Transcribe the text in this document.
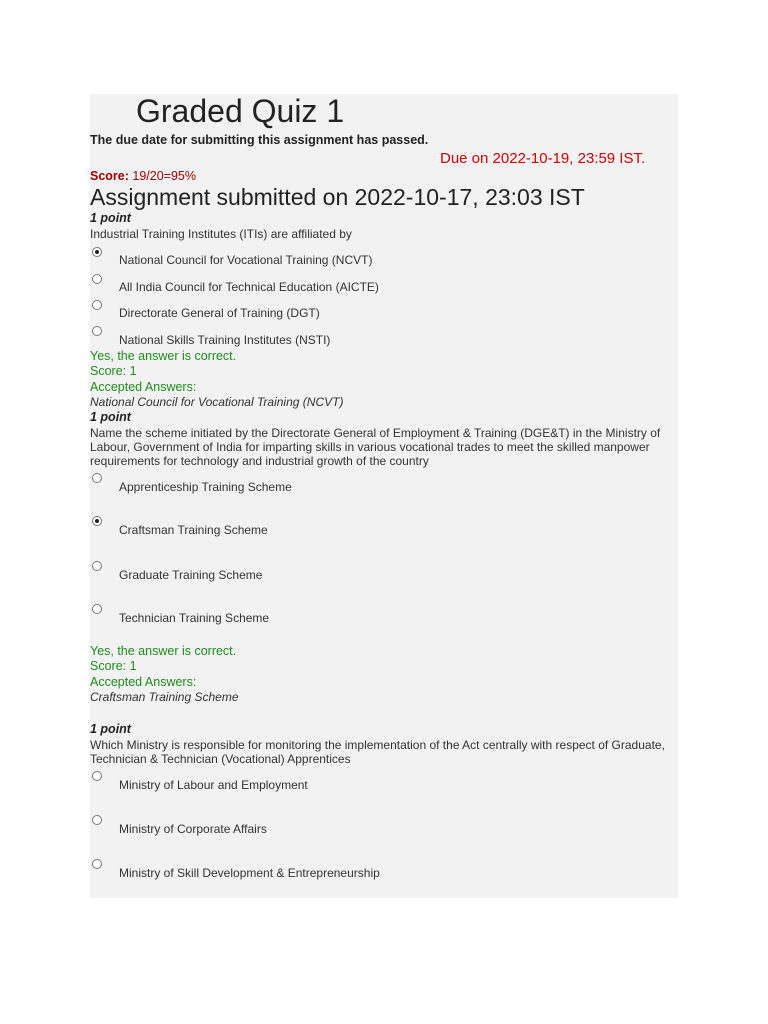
Graded Quiz 1
The due date for submitting this assignment has passed.
Due on 2022-10-19, 23:59 IST.
Score: 19/20=95%
Assignment submitted on 2022-10-17, 23:03 IST
1 point
Industrial Training Institutes (ITIs) are affiliated by
National Council for Vocational Training (NCVT)
All India Council for Technical Education (AICTE)
Directorate General of Training (DGT)
National Skills Training Institutes (NSTI)
Yes, the answer is correct.
Score: 1
Accepted Answers:
National Council for Vocational Training (NCVT)
1 point
Name the scheme initiated by the Directorate General of Employment & Training (DGE&T) in the Ministry of
Labour, Government of India for imparting skills in various vocational trades to meet the skilled manpower
requirements for technology and industrial growth of the country
Apprenticeship Training Scheme
Craftsman Training Scheme
Graduate Training Scheme
Technician Training Scheme
Yes, the answer is correct.
Score: 1
Accepted Answers:
Craftsman Training Scheme
1 point
Which Ministry is responsible for monitoring the implementation of the Act centrally with respect of Graduate,
Technician & Technician (Vocational) Apprentices
Ministry of Labour and Employment
Ministry of Corporate Affairs
Ministry of Skill Development & Entrepreneurship
